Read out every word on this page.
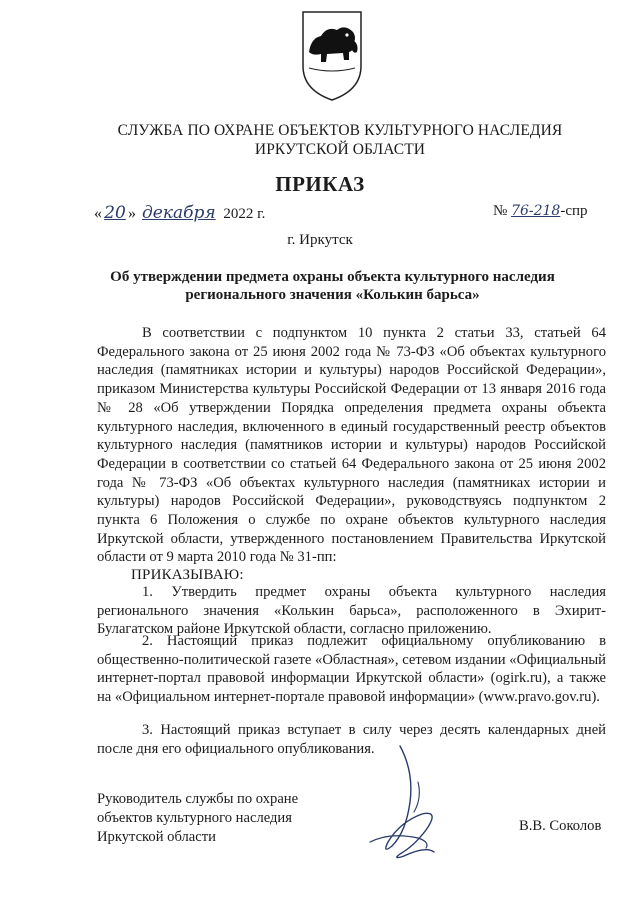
СЛУЖБА ПО ОХРАНЕ ОБЪЕКТОВ КУЛЬТУРНОГО НАСЛЕДИЯ
ИРКУТСКОЙ ОБЛАСТИ
ПРИКАЗ
« 20 » декабря 2022 г.	№ 76-218-спр
г. Иркутск
Об утверждении предмета охраны объекта культурного наследия
регионального значения «Колькин барьса»

В соответствии с подпунктом 10 пункта 2 статьи 33, статьей 64 Федерального закона от 25 июня 2002 года № 73-ФЗ «Об объектах культурного наследия (памятниках истории и культуры) народов Российской Федерации», приказом Министерства культуры Российской Федерации от 13 января 2016 года № 28 «Об утверждении Порядка определения предмета охраны объекта культурного наследия, включенного в единый государственный реестр объектов культурного наследия (памятников истории и культуры) народов Российской Федерации в соответствии со статьей 64 Федерального закона от 25 июня 2002 года № 73-ФЗ «Об объектах культурного наследия (памятниках истории и культуры) народов Российской Федерации», руководствуясь подпунктом 2 пункта 6 Положения о службе по охране объектов культурного наследия Иркутской области, утвержденного постановлением Правительства Иркутской области от 9 марта 2010 года № 31-пп:

ПРИКАЗЫВАЮ:

1. Утвердить предмет охраны объекта культурного наследия регионального значения «Колькин барьса», расположенного в Эхирит-Булагатском районе Иркутской области, согласно приложению.

2. Настоящий приказ подлежит официальному опубликованию в общественно-политической газете «Областная», сетевом издании «Официальный интернет-портал правовой информации Иркутской области» (ogirk.ru), а также на «Официальном интернет-портале правовой информации» (www.pravo.gov.ru).

3. Настоящий приказ вступает в силу через десять календарных дней после дня его официального опубликования.

Руководитель службы по охране
объектов культурного наследия
Иркутской области
В.В. Соколов
